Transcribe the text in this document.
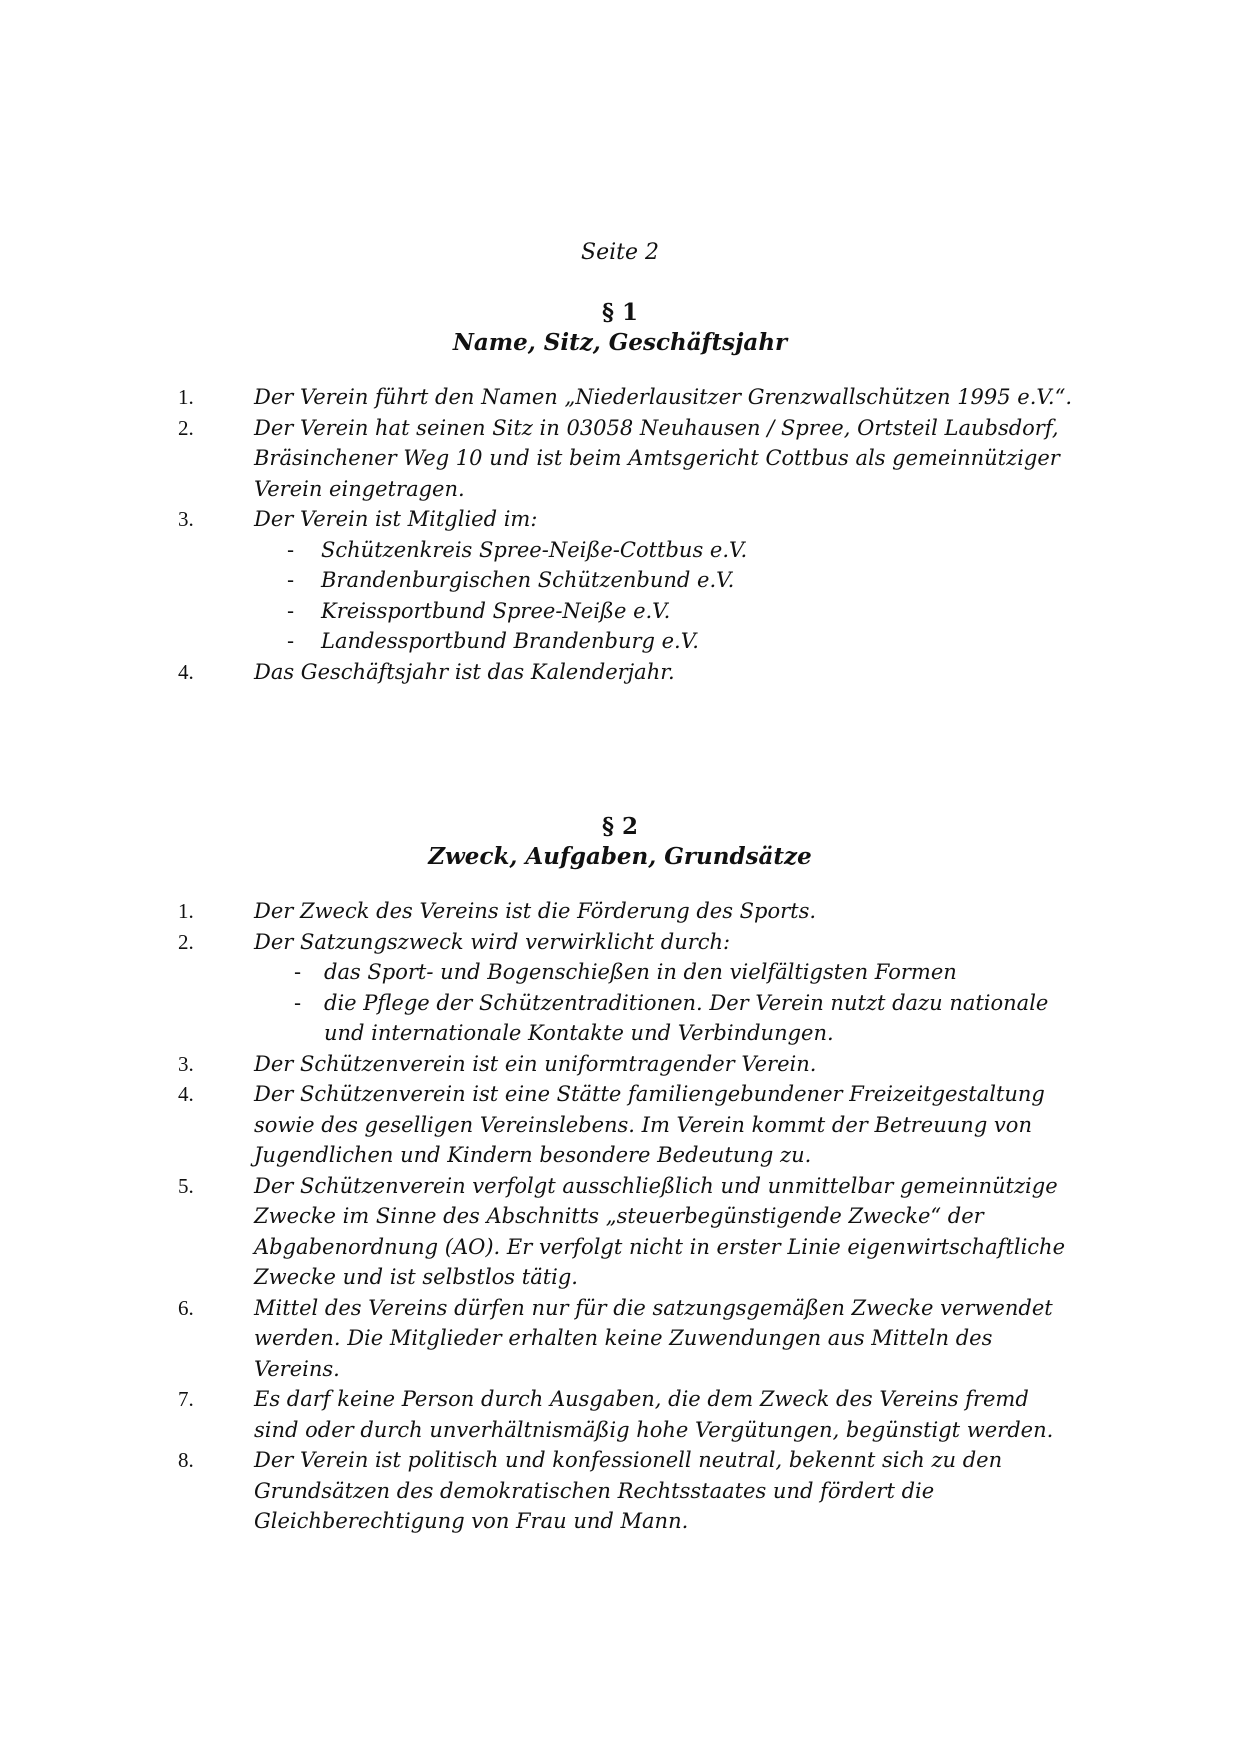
Seite 2
§ 1
Name, Sitz, Geschäftsjahr
1.	Der Verein führt den Namen „Niederlausitzer Grenzwallschützen 1995 e.V.“.
2.	Der Verein hat seinen Sitz in 03058 Neuhausen / Spree, Ortsteil Laubsdorf, Bräsinchener Weg 10 und ist beim Amtsgericht Cottbus als gemeinnütziger Verein eingetragen.
3.	Der Verein ist Mitglied im:
- Schützenkreis Spree-Neiße-Cottbus e.V.
- Brandenburgischen Schützenbund e.V.
- Kreissportbund Spree-Neiße e.V.
- Landessportbund Brandenburg e.V.
4.	Das Geschäftsjahr ist das Kalenderjahr.
§ 2
Zweck, Aufgaben, Grundsätze
1.	Der Zweck des Vereins ist die Förderung des Sports.
2.	Der Satzungszweck wird verwirklicht durch:
- das Sport- und Bogenschießen in den vielfältigsten Formen
- die Pflege der Schützentraditionen. Der Verein nutzt dazu nationale und internationale Kontakte und Verbindungen.
3.	Der Schützenverein ist ein uniformtragender Verein.
4.	Der Schützenverein ist eine Stätte familiengebundener Freizeitgestaltung sowie des geselligen Vereinslebens. Im Verein kommt der Betreuung von Jugendlichen und Kindern besondere Bedeutung zu.
5.	Der Schützenverein verfolgt ausschließlich und unmittelbar gemeinnützige Zwecke im Sinne des Abschnitts „steuerbegünstigende Zwecke“ der Abgabenordnung (AO). Er verfolgt nicht in erster Linie eigenwirtschaftliche Zwecke und ist selbstlos tätig.
6.	Mittel des Vereins dürfen nur für die satzungsgemäßen Zwecke verwendet werden. Die Mitglieder erhalten keine Zuwendungen aus Mitteln des Vereins.
7.	Es darf keine Person durch Ausgaben, die dem Zweck des Vereins fremd sind oder durch unverhältnismäßig hohe Vergütungen, begünstigt werden.
8.	Der Verein ist politisch und konfessionell neutral, bekennt sich zu den Grundsätzen des demokratischen Rechtsstaates und fördert die Gleichberechtigung von Frau und Mann.
